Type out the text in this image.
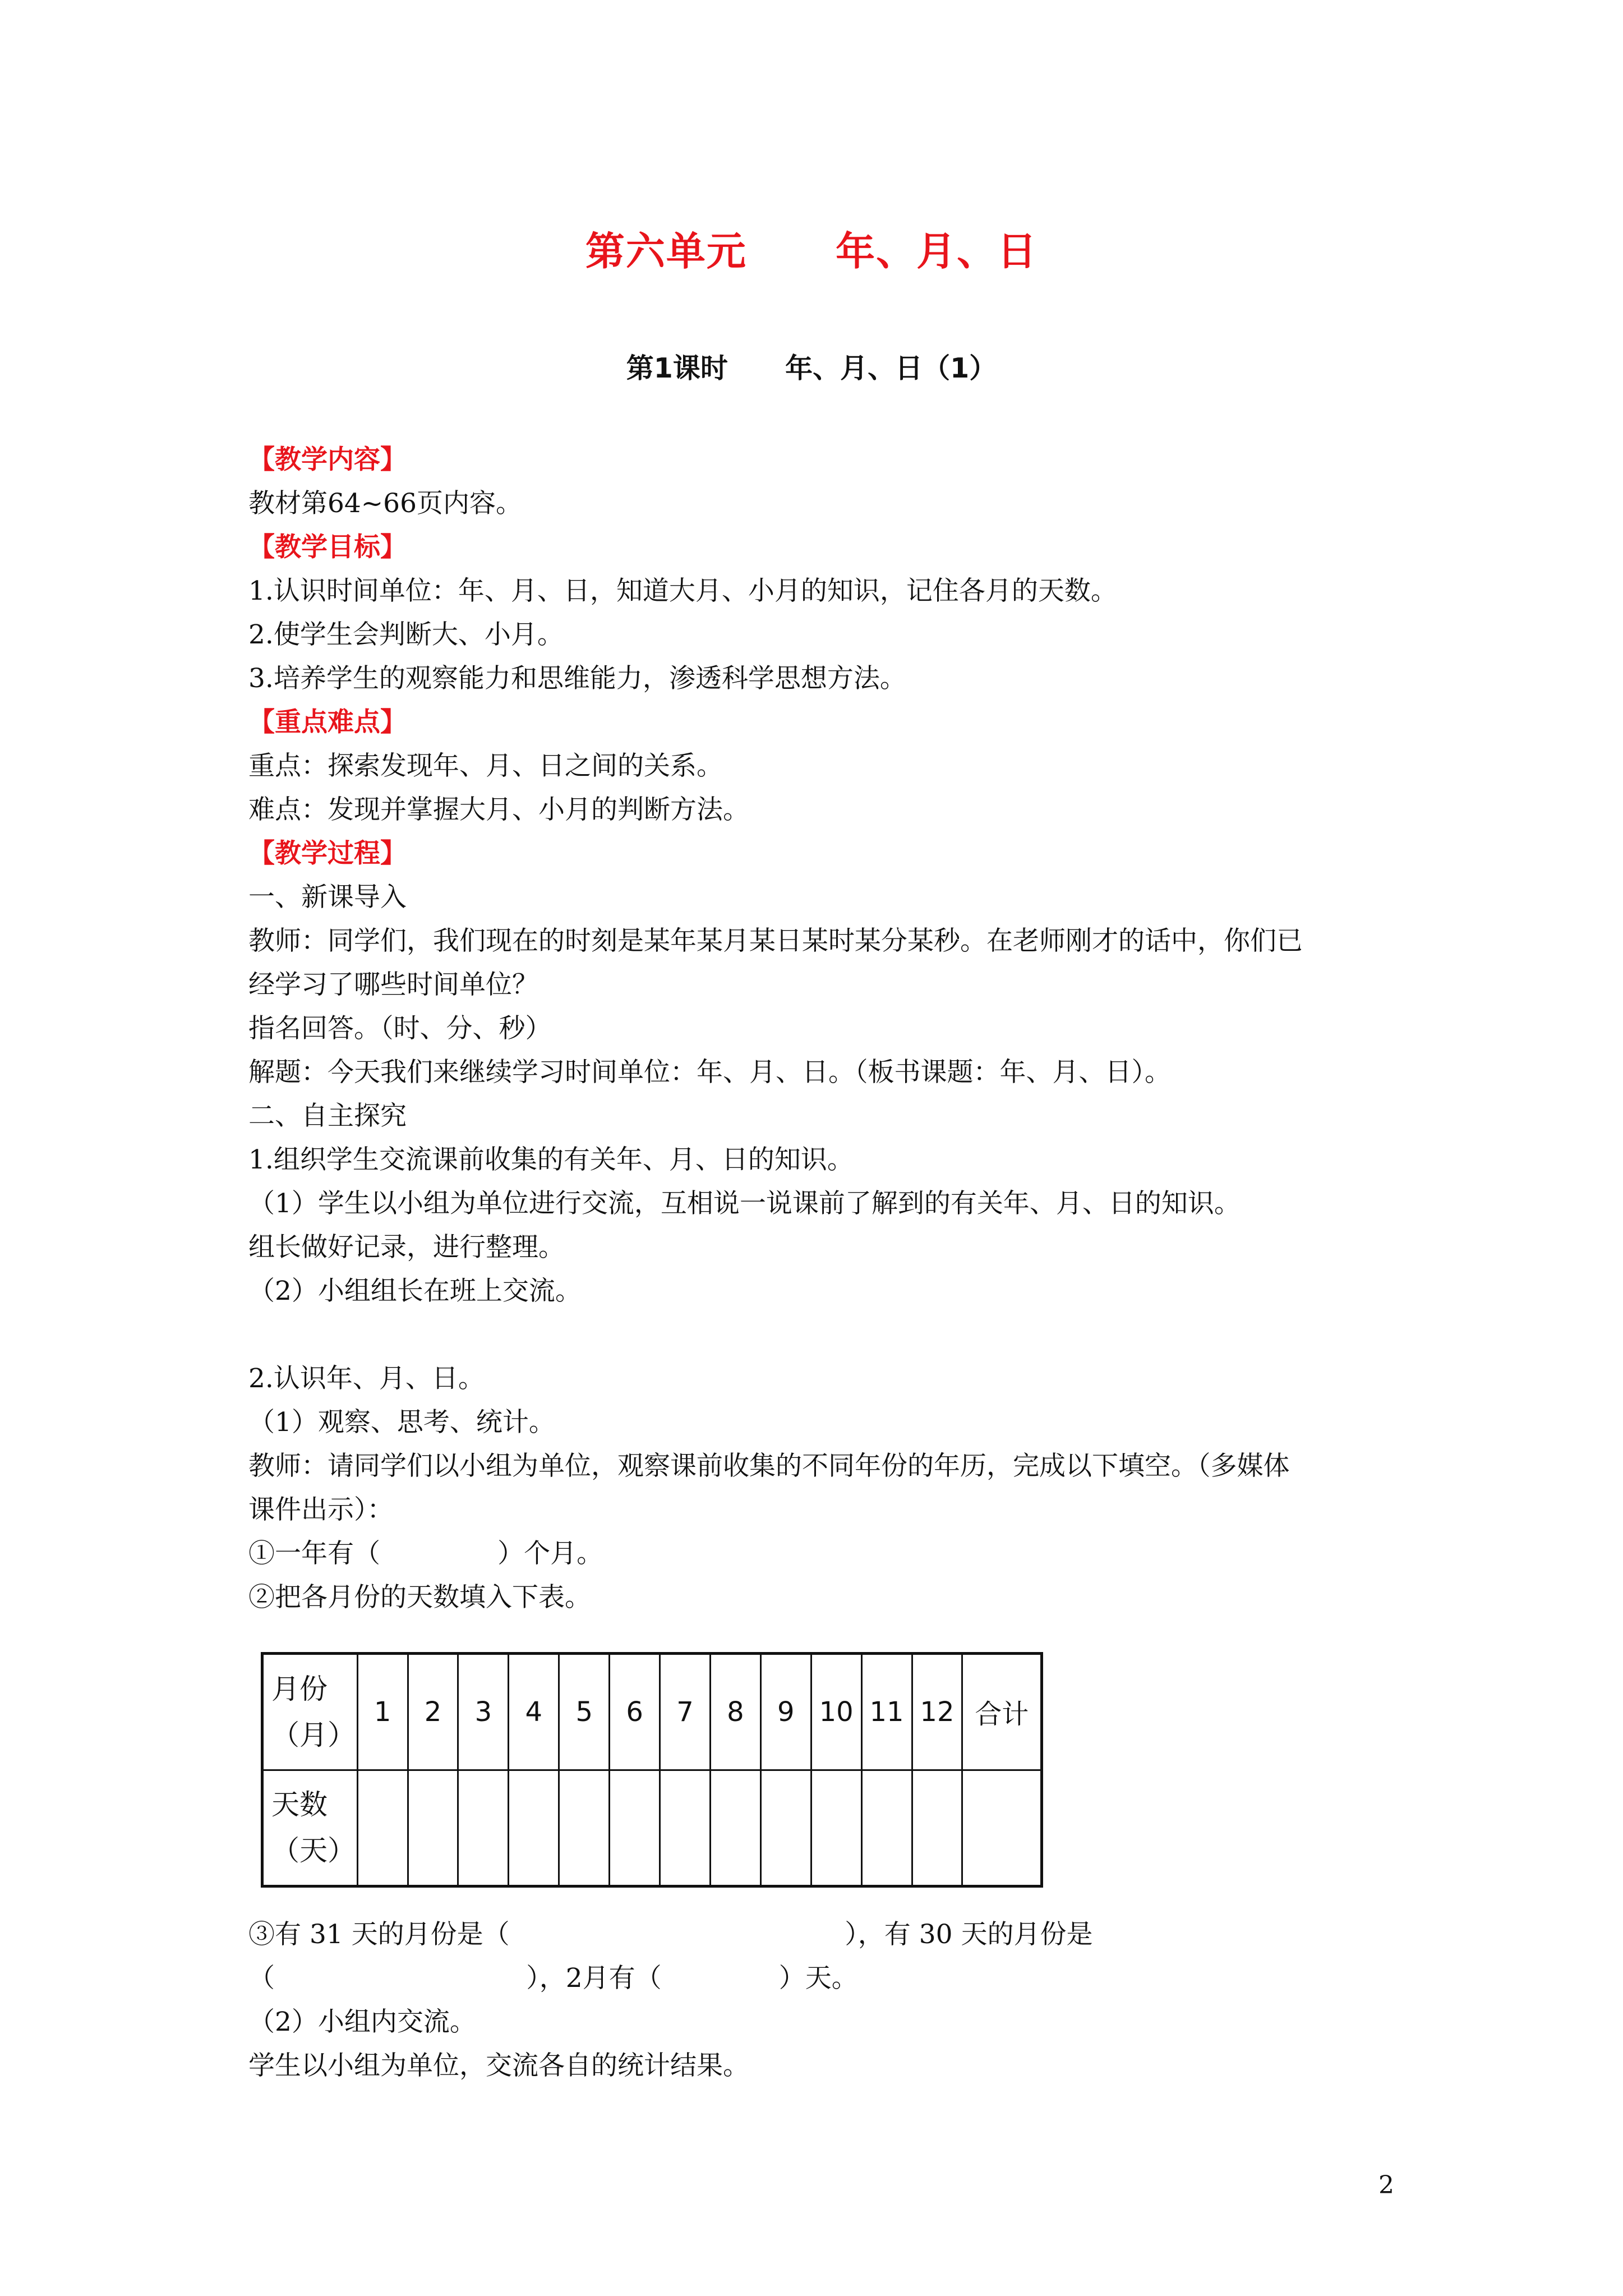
第六单元      年、月、日
第1课时      年、月、日（1）
【教学内容】
教材第64~66页内容。
【教学目标】
1.认识时间单位：年、月、日，知道大月、小月的知识，记住各月的天数。
2.使学生会判断大、小月。
3.培养学生的观察能力和思维能力，渗透科学思想方法。
【重点难点】
重点：探索发现年、月、日之间的关系。
难点：发现并掌握大月、小月的判断方法。
【教学过程】
一、新课导入
教师：同学们，我们现在的时刻是某年某月某日某时某分某秒。在老师刚才的话中，你们已
经学习了哪些时间单位？
指名回答。（时、分、秒）
解题：今天我们来继续学习时间单位：年、月、日。（板书课题：年、月、日）。
二、自主探究
1.组织学生交流课前收集的有关年、月、日的知识。
（1）学生以小组为单位进行交流，互相说一说课前了解到的有关年、月、日的知识。
组长做好记录，进行整理。
（2）小组组长在班上交流。
2.认识年、月、日。
（1）观察、思考、统计。
教师：请同学们以小组为单位，观察课前收集的不同年份的年历，完成以下填空。（多媒体
课件出示）：
①一年有（              ）个月。
②把各月份的天数填入下表。
月份
（月）	1	2	3	4	5	6	7	8	9	10	11	12	合计

天数
（天）													

③有 31 天的月份是（                                        ），有 30 天的月份是
（                              ），2月有（              ）天。
（2）小组内交流。
学生以小组为单位，交流各自的统计结果。
2
